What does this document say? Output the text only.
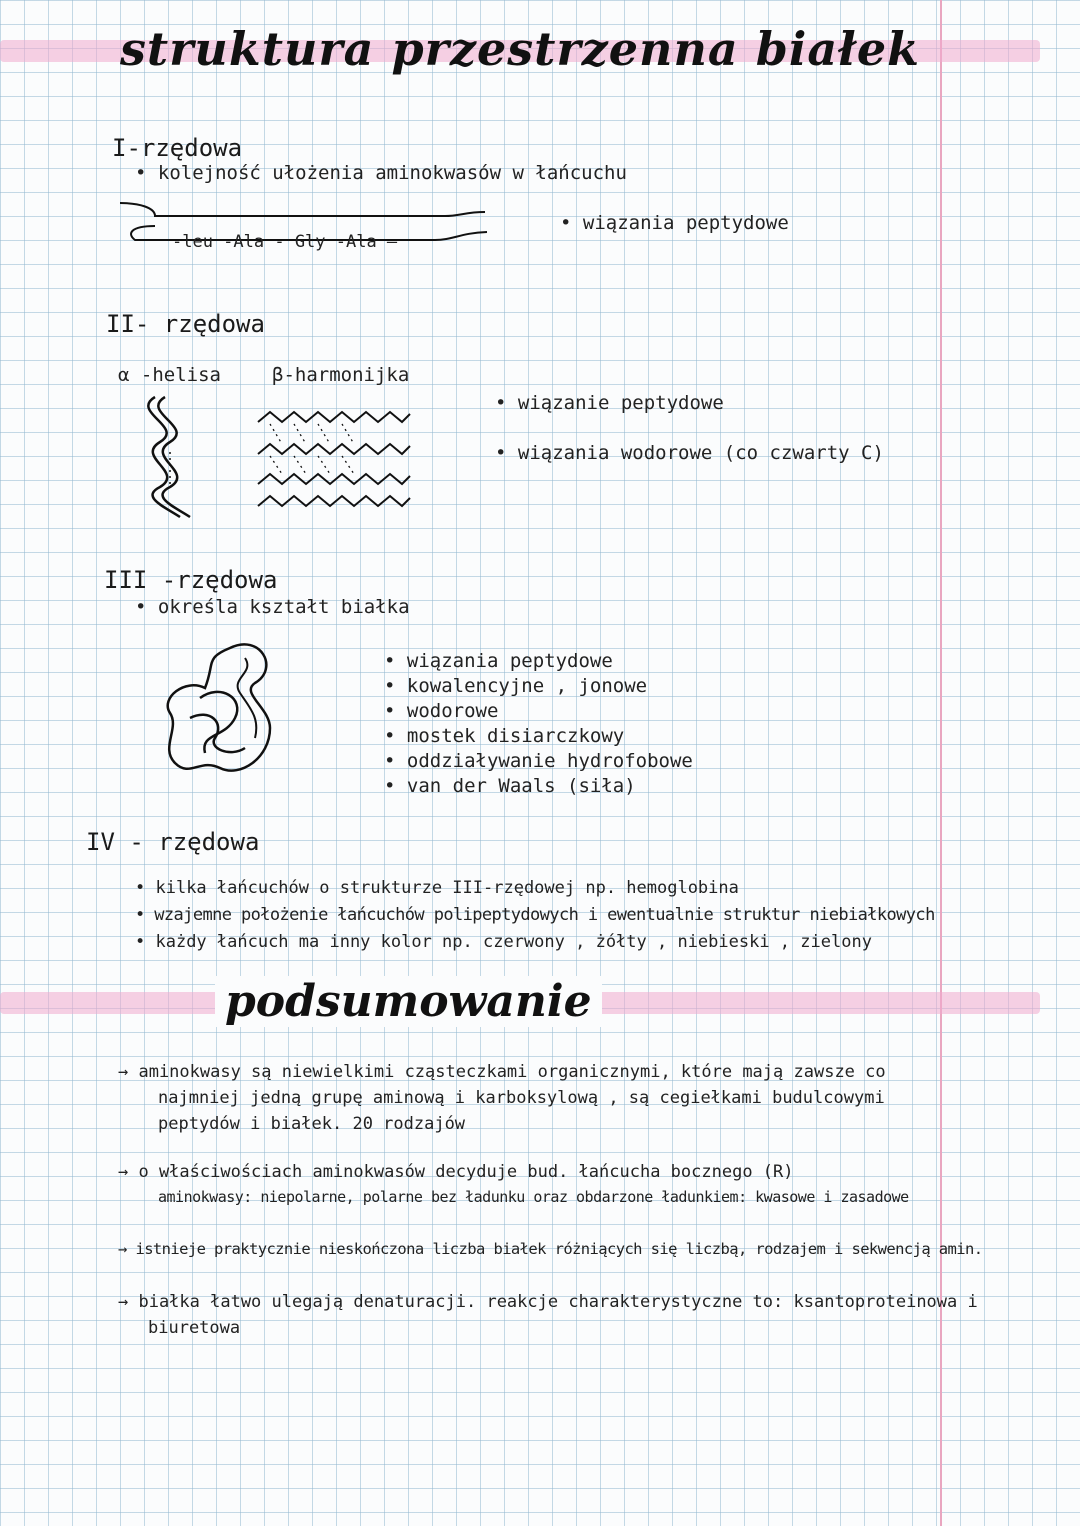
struktura przestrzenna białek
I-rzędowa
• kolejność ułożenia aminokwasów w łańcuchu
-leu -Ala - Gly -Ala —
• wiązania peptydowe
II- rzędowa
α -helisa	β-harmonijka
• wiązanie peptydowe
• wiązania wodorowe (co czwarty C)
III -rzędowa
• określa kształt białka
• wiązania peptydowe
• kowalencyjne , jonowe
• wodorowe
• mostek disiarczkowy
• oddziaływanie hydrofobowe
• van der Waals (siła)
IV - rzędowa
• kilka łańcuchów o strukturze III-rzędowej np. hemoglobina
• wzajemne położenie łańcuchów polipeptydowych i ewentualnie struktur niebiałkowych
• każdy łańcuch ma inny kolor np. czerwony , żółty , niebieski , zielony
podsumowanie
→ aminokwasy są niewielkimi cząsteczkami organicznymi, które mają zawsze co
najmniej jedną grupę aminową i karboksylową , są cegiełkami budulcowymi
peptydów i białek. 20 rodzajów
→ o właściwościach aminokwasów decyduje bud. łańcucha bocznego (R)
aminokwasy: niepolarne, polarne bez ładunku oraz obdarzone ładunkiem: kwasowe i zasadowe
→ istnieje praktycznie nieskończona liczba białek różniących się liczbą, rodzajem i sekwencją amin.
→ białka łatwo ulegają denaturacji. reakcje charakterystyczne to: ksantoproteinowa i
biuretowa
